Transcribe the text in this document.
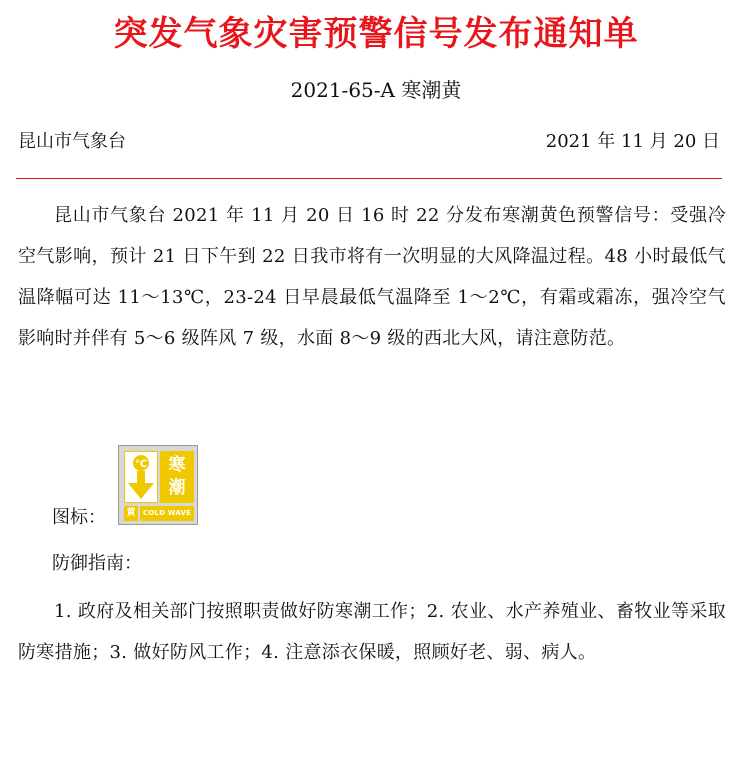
突发气象灾害预警信号发布通知单
2021-65-A 寒潮黄
昆山市气象台	2021 年 11 月 20 日
昆山市气象台 2021 年 11 月 20 日 16 时 22 分发布寒潮黄色预警信号：受强冷空气影响，预计 21 日下午到 22 日我市将有一次明显的大风降温过程。48 小时最低气温降幅可达 11～13℃，23-24 日早晨最低气温降至 1～2℃，有霜或霜冻，强冷空气影响时并伴有 5～6 级阵风 7 级，水面 8～9 级的西北大风，请注意防范。
图标：
℃	寒
潮
黄	COLD WAVE
防御指南：
1. 政府及相关部门按照职责做好防寒潮工作；2. 农业、水产养殖业、畜牧业等采取防寒措施；3. 做好防风工作；4. 注意添衣保暖，照顾好老、弱、病人。
